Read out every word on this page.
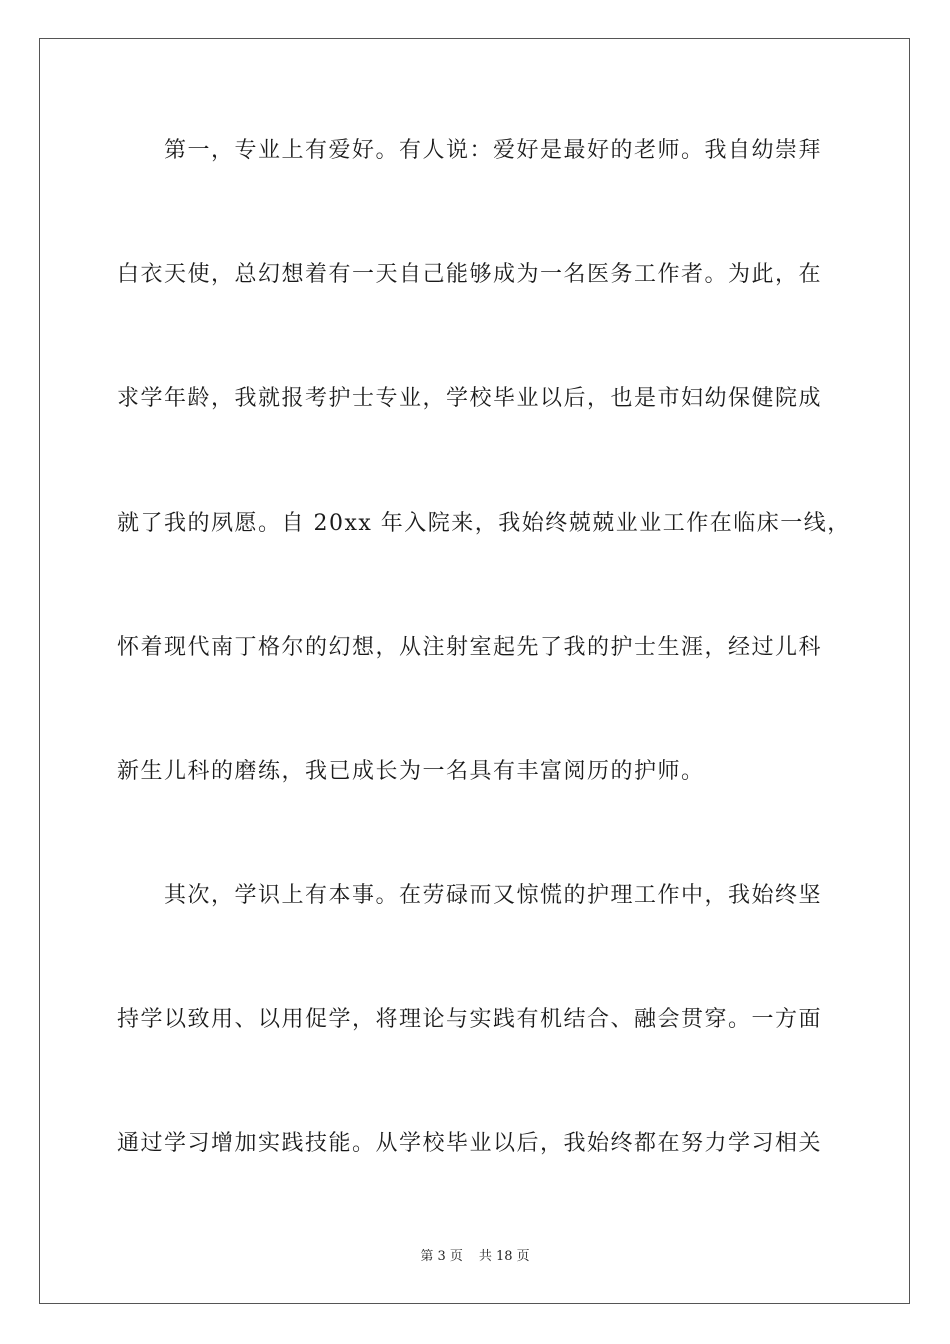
第一，专业上有爱好。有人说：爱好是最好的老师。我自幼崇拜
白衣天使，总幻想着有一天自己能够成为一名医务工作者。为此，在
求学年龄，我就报考护士专业，学校毕业以后，也是市妇幼保健院成
就了我的夙愿。自 20xx 年入院来，我始终兢兢业业工作在临床一线，
怀着现代南丁格尔的幻想，从注射室起先了我的护士生涯，经过儿科
新生儿科的磨练，我已成长为一名具有丰富阅历的护师。
其次，学识上有本事。在劳碌而又惊慌的护理工作中，我始终坚
持学以致用、以用促学，将理论与实践有机结合、融会贯穿。一方面
通过学习增加实践技能。从学校毕业以后，我始终都在努力学习相关
第 3 页 共 18 页
